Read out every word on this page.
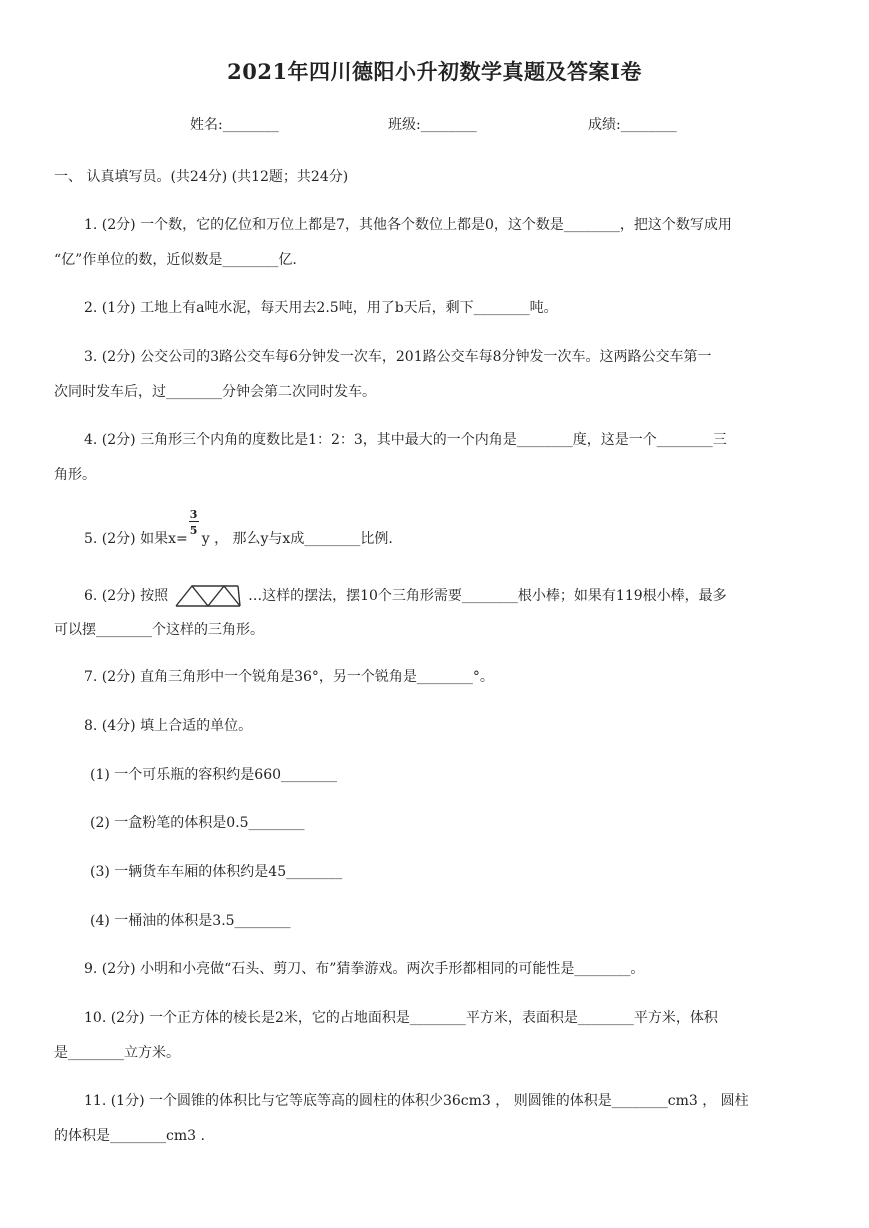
2021年四川德阳小升初数学真题及答案Ⅰ卷
姓名:________	班级:________	成绩:________
一、 认真填写员。(共24分) (共12题；共24分)
1. (2分) 一个数，它的亿位和万位上都是7，其他各个数位上都是0，这个数是________，把这个数写成用
“亿”作单位的数，近似数是________亿.
2. (1分) 工地上有a吨水泥，每天用去2.5吨，用了b天后，剩下________吨。
3. (2分) 公交公司的3路公交车每6分钟发一次车，201路公交车每8分钟发一次车。这两路公交车第一
次同时发车后，过________分钟会第二次同时发车。
4. (2分) 三角形三个内角的度数比是1：2：3，其中最大的一个内角是________度，这是一个________三
角形。
5. (2分) 如果$x= \frac{3}{5}$ y ， 那么y与x成________比例.
6. (2分) 按照	…这样的摆法，摆10个三角形需要________根小棒；如果有119根小棒，最多
可以摆________个这样的三角形。
7. (2分) 直角三角形中一个锐角是36°，另一个锐角是________°。
8. (4分) 填上合适的单位。
(1) 一个可乐瓶的容积约是660________
(2) 一盒粉笔的体积是0.5________
(3) 一辆货车车厢的体积约是45________
(4) 一桶油的体积是3.5________
9. (2分) 小明和小亮做“石头、剪刀、布”猜拳游戏。两次手形都相同的可能性是________。
10. (2分) 一个正方体的棱长是2米，它的占地面积是________平方米，表面积是________平方米，体积
是________立方米。
11. (1分) 一个圆锥的体积比与它等底等高的圆柱的体积少36cm3 ， 则圆锥的体积是________cm3 ， 圆柱
的体积是________cm3 .
